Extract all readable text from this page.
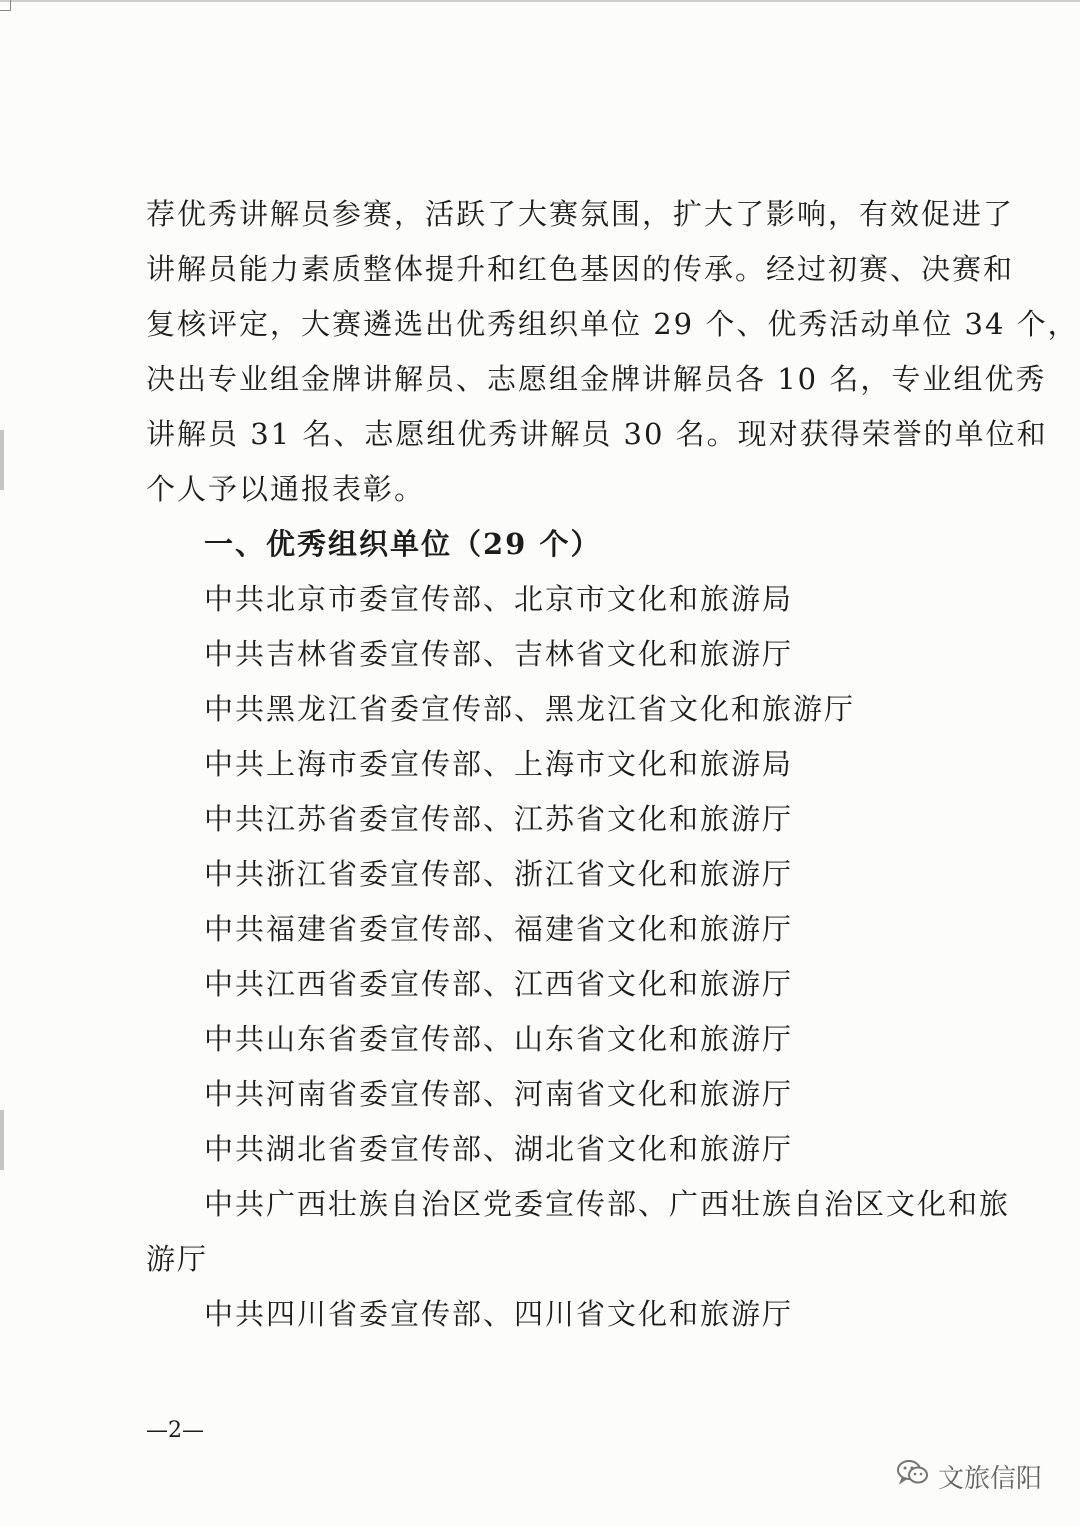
荐优秀讲解员参赛，活跃了大赛氛围，扩大了影响，有效促进了
讲解员能力素质整体提升和红色基因的传承。经过初赛、决赛和
复核评定，大赛遴选出优秀组织单位 29 个、优秀活动单位 34 个，
决出专业组金牌讲解员、志愿组金牌讲解员各 10 名，专业组优秀
讲解员 31 名、志愿组优秀讲解员 30 名。现对获得荣誉的单位和
个人予以通报表彰。
一、优秀组织单位（29 个）
中共北京市委宣传部、北京市文化和旅游局
中共吉林省委宣传部、吉林省文化和旅游厅
中共黑龙江省委宣传部、黑龙江省文化和旅游厅
中共上海市委宣传部、上海市文化和旅游局
中共江苏省委宣传部、江苏省文化和旅游厅
中共浙江省委宣传部、浙江省文化和旅游厅
中共福建省委宣传部、福建省文化和旅游厅
中共江西省委宣传部、江西省文化和旅游厅
中共山东省委宣传部、山东省文化和旅游厅
中共河南省委宣传部、河南省文化和旅游厅
中共湖北省委宣传部、湖北省文化和旅游厅
中共广西壮族自治区党委宣传部、广西壮族自治区文化和旅
游厅
中共四川省委宣传部、四川省文化和旅游厅
—2—
文旅信阳
